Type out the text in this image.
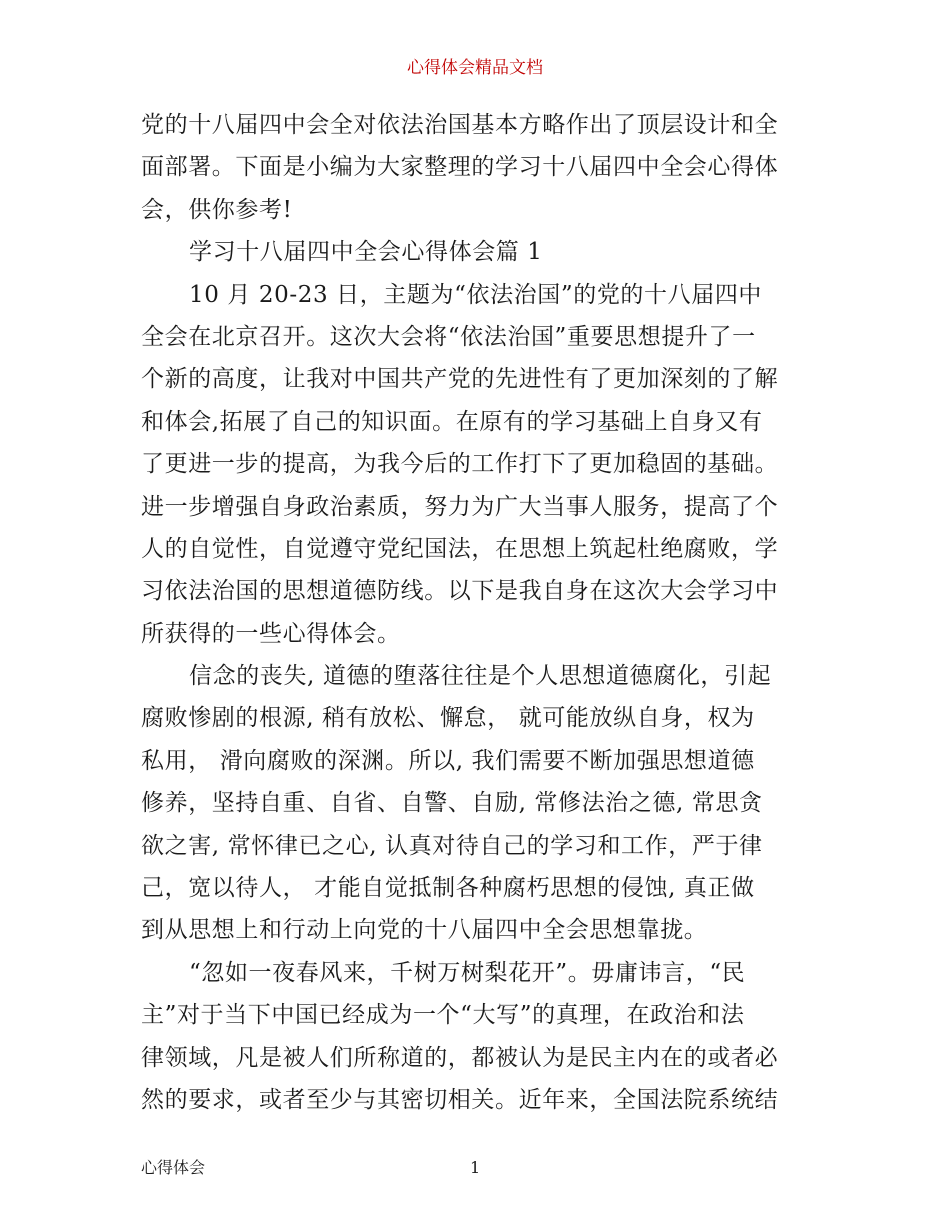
心得体会精品文档
党的十八届四中会全对依法治国基本方略作出了顶层设计和全
面部署。下面是小编为大家整理的学习十八届四中全会心得体
会，供你参考!
学习十八届四中全会心得体会篇 1
10 月 20-23 日，主题为“依法治国”的党的十八届四中
全会在北京召开。这次大会将“依法治国”重要思想提升了一
个新的高度，让我对中国共产党的先进性有了更加深刻的了解
和体会,拓展了自己的知识面。在原有的学习基础上自身又有
了更进一步的提高，为我今后的工作打下了更加稳固的基础。
进一步增强自身政治素质，努力为广大当事人服务，提高了个
人的自觉性，自觉遵守党纪国法，在思想上筑起杜绝腐败，学
习依法治国的思想道德防线。以下是我自身在这次大会学习中
所获得的一些心得体会。
信念的丧失, 道德的堕落往往是个人思想道德腐化，引起
腐败惨剧的根源, 稍有放松、懈怠， 就可能放纵自身，权为
私用， 滑向腐败的深渊。所以, 我们需要不断加强思想道德
修养，坚持自重、自省、自警、自励, 常修法治之德, 常思贪
欲之害, 常怀律已之心, 认真对待自己的学习和工作，严于律
己，宽以待人， 才能自觉抵制各种腐朽思想的侵蚀, 真正做
到从思想上和行动上向党的十八届四中全会思想靠拢。
“忽如一夜春风来，千树万树梨花开”。毋庸讳言，“民
主”对于当下中国已经成为一个“大写”的真理，在政治和法
律领域，凡是被人们所称道的，都被认为是民主内在的或者必
然的要求，或者至少与其密切相关。近年来，全国法院系统结
心得体会	1
